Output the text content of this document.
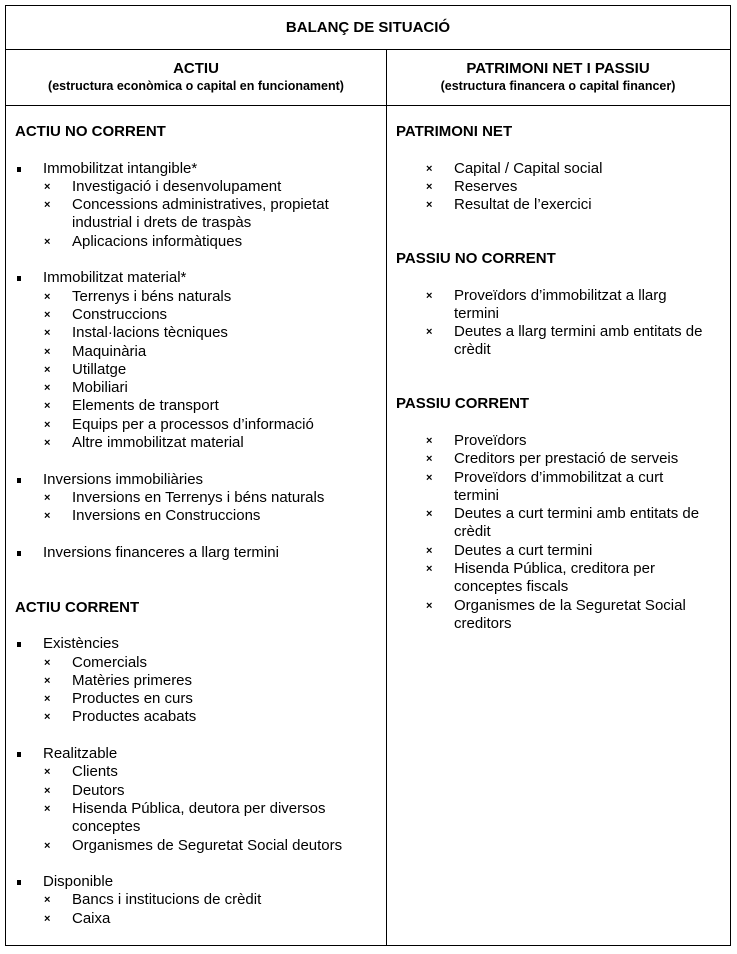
BALANÇ DE SITUACIÓ
ACTIU
(estructura econòmica o capital en funcionament)
PATRIMONI NET I PASSIU
(estructura financera o capital financer)
ACTIU NO CORRENT
Immobilitzat intangible*
× Investigació i desenvolupament
× Concessions administratives, propietat
industrial i drets de traspàs
× Aplicacions informàtiques
Immobilitzat material*
× Terrenys i béns naturals
× Construccions
× Instal·lacions tècniques
× Maquinària
× Utillatge
× Mobiliari
× Elements de transport
× Equips per a processos d’informació
× Altre immobilitzat material
Inversions immobiliàries
× Inversions en Terrenys i béns naturals
× Inversions en Construccions
Inversions financeres a llarg termini
ACTIU CORRENT
Existències
× Comercials
× Matèries primeres
× Productes en curs
× Productes acabats
Realitzable
× Clients
× Deutors
× Hisenda Pública, deutora per diversos
conceptes
× Organismes de Seguretat Social deutors
Disponible
× Bancs i institucions de crèdit
× Caixa
PATRIMONI NET
× Capital / Capital social
× Reserves
× Resultat de l’exercici
PASSIU NO CORRENT
× Proveïdors d’immobilitzat a llarg
termini
× Deutes a llarg termini amb entitats de
crèdit
PASSIU CORRENT
× Proveïdors
× Creditors per prestació de serveis
× Proveïdors d’immobilitzat a curt
termini
× Deutes a curt termini amb entitats de
crèdit
× Deutes a curt termini
× Hisenda Pública, creditora per
conceptes fiscals
× Organismes de la Seguretat Social
creditors
